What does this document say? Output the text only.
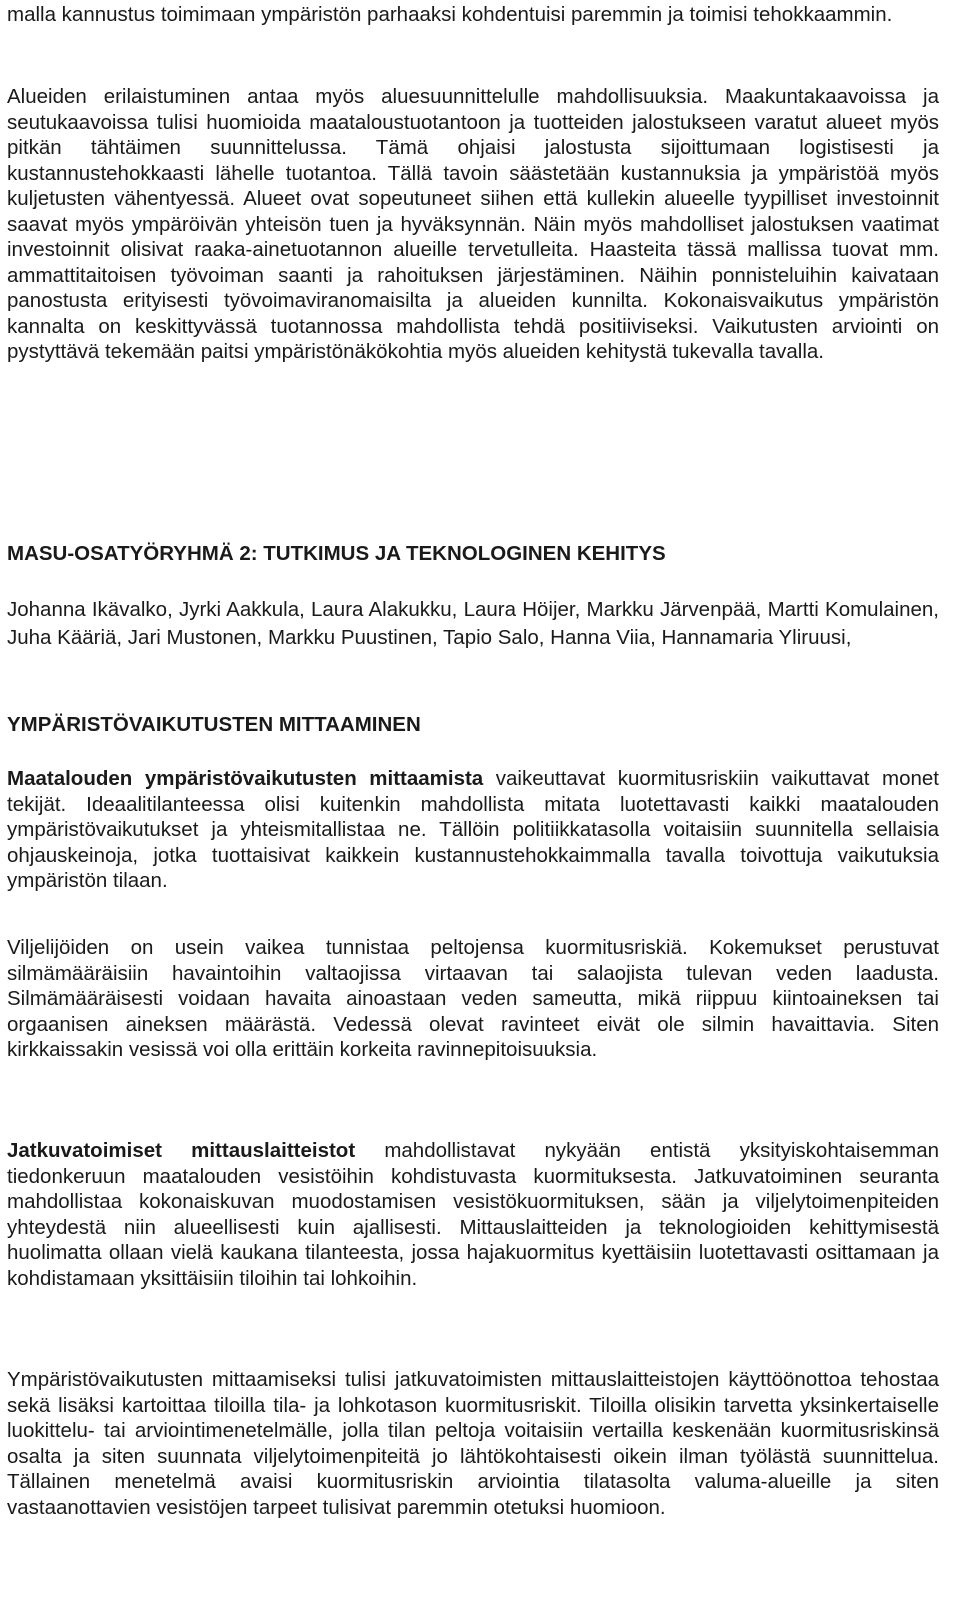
malla kannustus toimimaan ympäristön parhaaksi kohdentuisi paremmin ja toimisi tehokkaammin.

Alueiden erilaistuminen antaa myös aluesuunnittelulle mahdollisuuksia. Maakuntakaavoissa ja seutukaavoissa tulisi huomioida maataloustuotantoon ja tuotteiden jalostukseen varatut alueet myös pitkän tähtäimen suunnittelussa. Tämä ohjaisi jalostusta sijoittumaan logistisesti ja kustannustehokkaasti lähelle tuotantoa. Tällä tavoin säästetään kustannuksia ja ympäristöä myös kuljetusten vähentyessä. Alueet ovat sopeutuneet siihen että kullekin alueelle tyypilliset investoinnit saavat myös ympäröivän yhteisön tuen ja hyväksynnän. Näin myös mahdolliset jalostuksen vaatimat investoinnit olisivat raaka-ainetuotannon alueille tervetulleita. Haasteita tässä mallissa tuovat mm. ammattitaitoisen työvoiman saanti ja rahoituksen järjestäminen. Näihin ponnisteluihin kaivataan panostusta erityisesti työvoimaviranomaisilta ja alueiden kunnilta. Kokonaisvaikutus ympäristön kannalta on keskittyvässä tuotannossa mahdollista tehdä positiiviseksi. Vaikutusten arviointi on pystyttävä tekemään paitsi ympäristönäkökohtia myös alueiden kehitystä tukevalla tavalla.

MASU-OSATYÖRYHMÄ 2: TUTKIMUS JA TEKNOLOGINEN KEHITYS

Johanna Ikävalko, Jyrki Aakkula, Laura Alakukku, Laura Höijer, Markku Järvenpää, Martti Komulainen, Juha Kääriä, Jari Mustonen, Markku Puustinen, Tapio Salo, Hanna Viia, Hannamaria Yliruusi,

YMPÄRISTÖVAIKUTUSTEN MITTAAMINEN

Maatalouden ympäristövaikutusten mittaamista vaikeuttavat kuormitusriskiin vaikuttavat monet tekijät. Ideaalitilanteessa olisi kuitenkin mahdollista mitata luotettavasti kaikki maatalouden ympäristövaikutukset ja yhteismitallistaa ne. Tällöin politiikkatasolla voitaisiin suunnitella sellaisia ohjauskeinoja, jotka tuottaisivat kaikkein kustannustehokkaimmalla tavalla toivottuja vaikutuksia ympäristön tilaan.

Viljelijöiden on usein vaikea tunnistaa peltojensa kuormitusriskiä. Kokemukset perustuvat silmämääräisiin havaintoihin valtaojissa virtaavan tai salaojista tulevan veden laadusta. Silmämääräisesti voidaan havaita ainoastaan veden sameutta, mikä riippuu kiintoaineksen tai orgaanisen aineksen määrästä. Vedessä olevat ravinteet eivät ole silmin havaittavia. Siten kirkkaissakin vesissä voi olla erittäin korkeita ravinnepitoisuuksia.

Jatkuvatoimiset mittauslaitteistot mahdollistavat nykyään entistä yksityiskohtaisemman tiedonkeruun maatalouden vesistöihin kohdistuvasta kuormituksesta. Jatkuvatoiminen seuranta mahdollistaa kokonaiskuvan muodostamisen vesistökuormituksen, sään ja viljelytoimenpiteiden yhteydestä niin alueellisesti kuin ajallisesti. Mittauslaitteiden ja teknologioiden kehittymisestä huolimatta ollaan vielä kaukana tilanteesta, jossa hajakuormitus kyettäisiin luotettavasti osittamaan ja kohdistamaan yksittäisiin tiloihin tai lohkoihin.

Ympäristövaikutusten mittaamiseksi tulisi jatkuvatoimisten mittauslaitteistojen käyttöönottoa tehostaa sekä lisäksi kartoittaa tiloilla tila- ja lohkotason kuormitusriskit. Tiloilla olisikin tarvetta yksinkertaiselle luokittelu- tai arviointimenetelmälle, jolla tilan peltoja voitaisiin vertailla keskenään kuormitusriskinsä osalta ja siten suunnata viljelytoimenpiteitä jo lähtökohtaisesti oikein ilman työlästä suunnittelua. Tällainen menetelmä avaisi kuormitusriskin arviointia tilatasolta valuma-alueille ja siten vastaanottavien vesistöjen tarpeet tulisivat paremmin otetuksi huomioon.
